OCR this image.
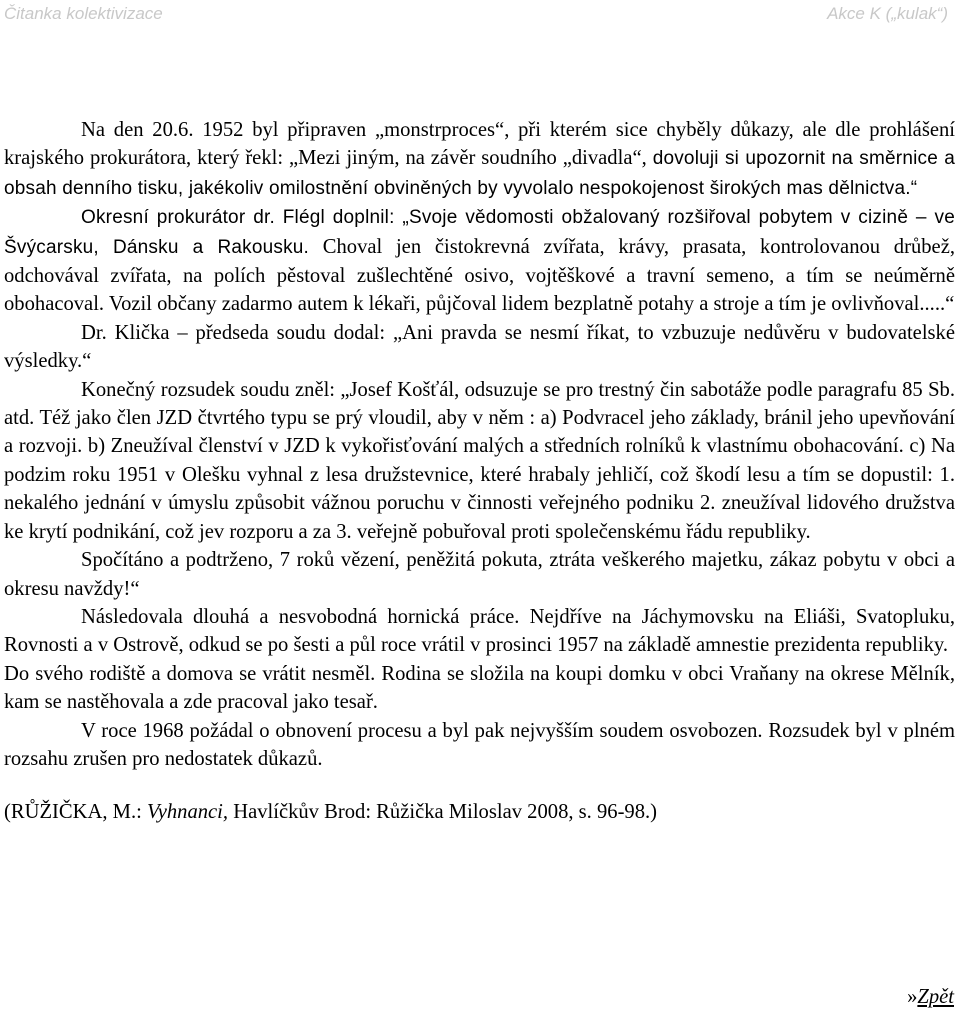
Čitanka kolektivizace	Akce K („kulak“)

Na den 20.6. 1952 byl připraven „monstrproces“, při kterém sice chyběly důkazy, ale dle prohlášení krajského prokurátora, který řekl: „Mezi jiným, na závěr soudního „divadla“, dovoluji si upozornit na směrnice a obsah denního tisku, jakékoliv omilostnění obviněných by vyvolalo nespokojenost širokých mas dělnictva.“

Okresní prokurátor dr. Flégl doplnil: „Svoje vědomosti obžalovaný rozšiřoval pobytem v cizině – ve Švýcarsku, Dánsku a Rakousku. Choval jen čistokrevná zvířata, krávy, prasata, kontrolovanou drůbež, odchovával zvířata, na polích pěstoval zušlechtěné osivo, vojtěškové a travní semeno, a tím se neúměrně obohacoval. Vozil občany zadarmo autem k lékaři, půjčoval lidem bezplatně potahy a stroje a tím je ovlivňoval.....“

Dr. Klička – předseda soudu dodal: „Ani pravda se nesmí říkat, to vzbuzuje nedůvěru v budovatelské výsledky.“

Konečný rozsudek soudu zněl: „Josef Košťál, odsuzuje se pro trestný čin sabotáže podle paragrafu 85 Sb. atd. Též jako člen JZD čtvrtého typu se prý vloudil, aby v něm : a) Podvracel jeho základy, bránil jeho upevňování a rozvoji. b) Zneužíval členství v JZD k vykořisťování malých a středních rolníků k vlastnímu obohacování. c) Na podzim roku 1951 v Olešku vyhnal z lesa družstevnice, které hrabaly jehličí, což škodí lesu a tím se dopustil: 1. nekalého jednání v úmyslu způsobit vážnou poruchu v činnosti veřejného podniku 2. zneužíval lidového družstva ke krytí podnikání, což jev rozporu a za 3. veřejně pobuřoval proti společenskému řádu republiky.

Spočítáno a podtrženo, 7 roků vězení, peněžitá pokuta, ztráta veškerého majetku, zákaz pobytu v obci a okresu navždy!“

Následovala dlouhá a nesvobodná hornická práce. Nejdříve na Jáchymovsku na Eliáši, Svatopluku, Rovnosti a v Ostrově, odkud se po šesti a půl roce vrátil v prosinci 1957 na základě amnestie prezidenta republiky.

Do svého rodiště a domova se vrátit nesměl. Rodina se složila na koupi domku v obci Vraňany na okrese Mělník, kam se nastěhovala a zde pracoval jako tesař.

V roce 1968 požádal o obnovení procesu a byl pak nejvyšším soudem osvobozen. Rozsudek byl v plném rozsahu zrušen pro nedostatek důkazů.

(RŮŽIČKA, M.: Vyhnanci, Havlíčkův Brod: Růžička Miloslav 2008, s. 96-98.)

»Zpět
